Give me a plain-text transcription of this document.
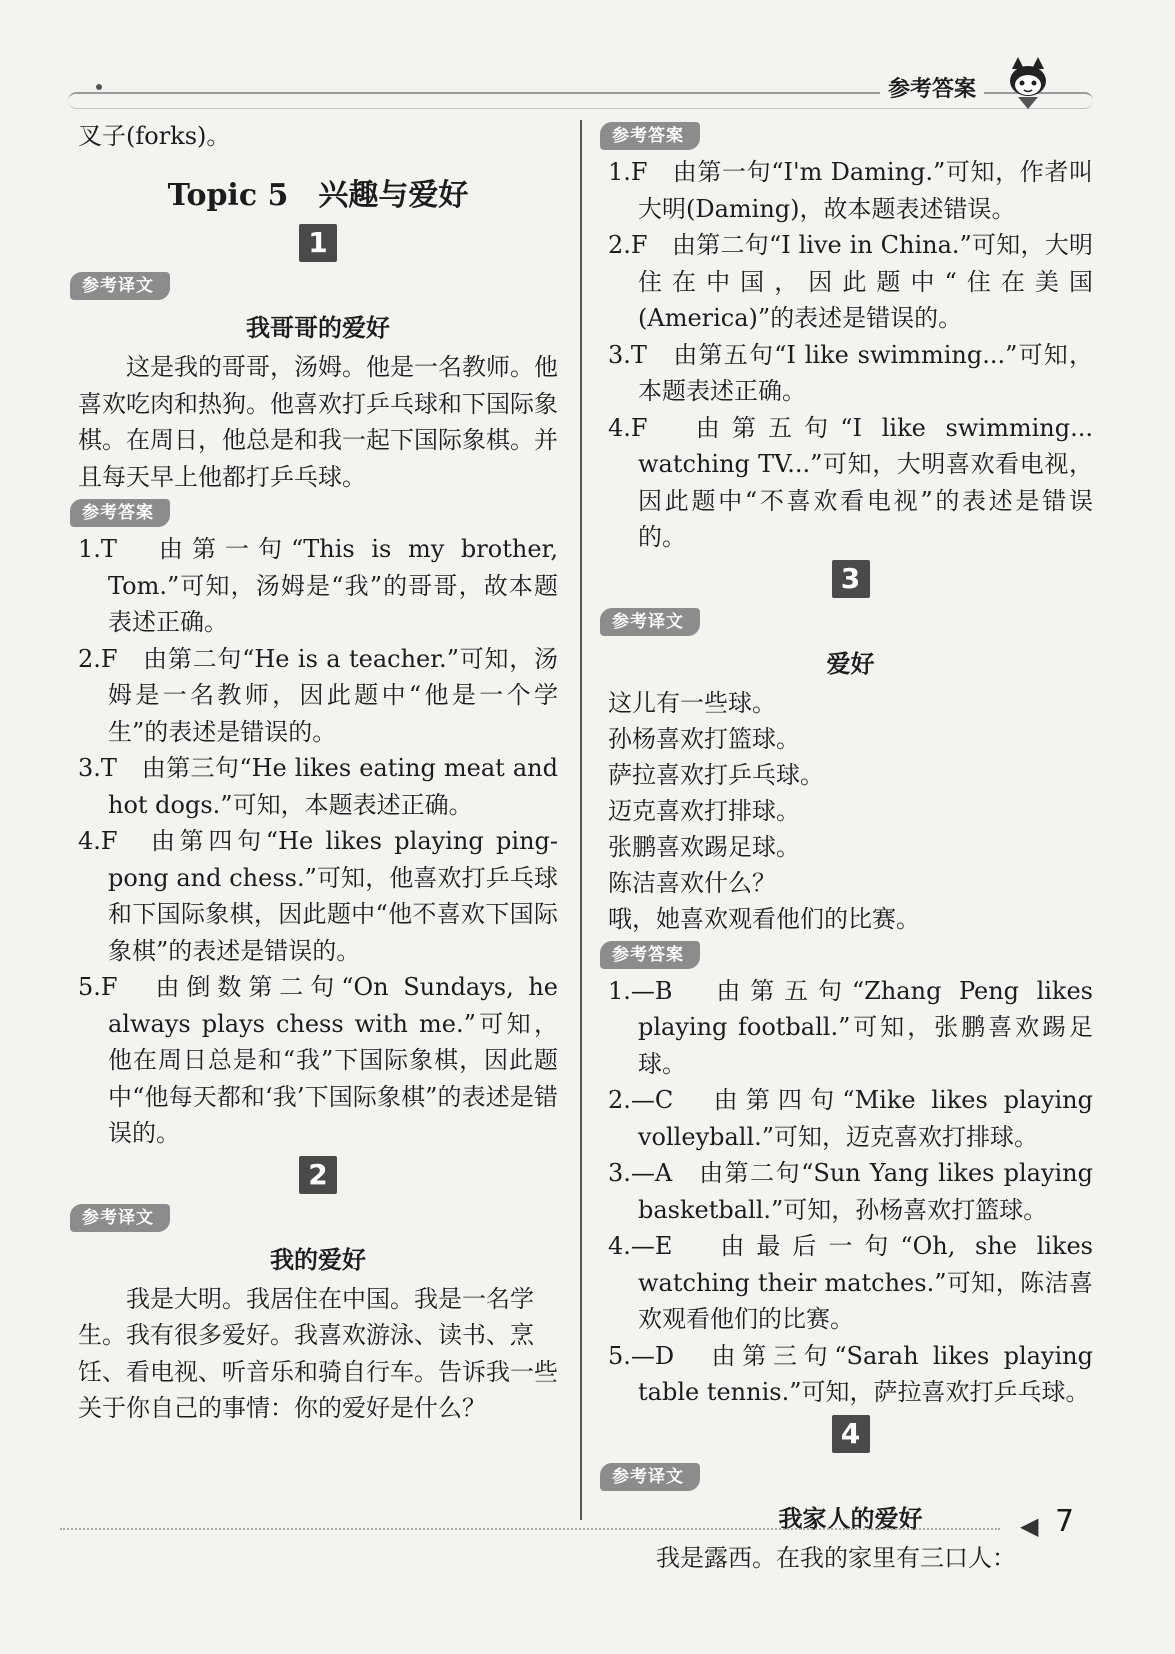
参考答案

叉子(forks)。

Topic 5　兴趣与爱好
1
参考译文
我哥哥的爱好

这是我的哥哥，汤姆。他是一名教师。他喜欢吃肉和热狗。他喜欢打乒乓球和下国际象棋。在周日，他总是和我一起下国际象棋。并且每天早上他都打乒乓球。

参考答案

1.T　由第一句“This is my brother, Tom.”可知，汤姆是“我”的哥哥，故本题表述正确。

2.F　由第二句“He is a teacher.”可知，汤姆是一名教师，因此题中“他是一个学生”的表述是错误的。

3.T　由第三句“He likes eating meat and hot dogs.”可知，本题表述正确。

4.F　由第四句“He likes playing ping-pong and chess.”可知，他喜欢打乒乓球和下国际象棋，因此题中“他不喜欢下国际象棋”的表述是错误的。

5.F　由倒数第二句“On Sundays, he always plays chess with me.”可知，他在周日总是和“我”下国际象棋，因此题中“他每天都和‘我’下国际象棋”的表述是错误的。

2
参考译文
我的爱好

我是大明。我居住在中国。我是一名学生。我有很多爱好。我喜欢游泳、读书、烹饪、看电视、听音乐和骑自行车。告诉我一些关于你自己的事情：你的爱好是什么？

参考答案

1.F　由第一句“I'm Daming.”可知，作者叫大明(Daming)，故本题表述错误。

2.F　由第二句“I live in China.”可知，大明住在中国，因此题中“住在美国(America)”的表述是错误的。

3.T　由第五句“I like swimming...”可知，本题表述正确。

4.F　由第五句“I like swimming... watching TV...”可知，大明喜欢看电视，因此题中“不喜欢看电视”的表述是错误的。

3
参考译文
爱好

这儿有一些球。

孙杨喜欢打篮球。

萨拉喜欢打乒乓球。

迈克喜欢打排球。

张鹏喜欢踢足球。

陈洁喜欢什么？

哦，她喜欢观看他们的比赛。

参考答案

1.—B　由第五句“Zhang Peng likes playing football.”可知，张鹏喜欢踢足球。

2.—C　由第四句“Mike likes playing volleyball.”可知，迈克喜欢打排球。

3.—A　由第二句“Sun Yang likes playing basketball.”可知，孙杨喜欢打篮球。

4.—E　由最后一句“Oh, she likes watching their matches.”可知，陈洁喜欢观看他们的比赛。

5.—D　由第三句“Sarah likes playing table tennis.”可知，萨拉喜欢打乒乓球。

4
参考译文
我家人的爱好

我是露西。在我的家里有三口人：

◀ 7
